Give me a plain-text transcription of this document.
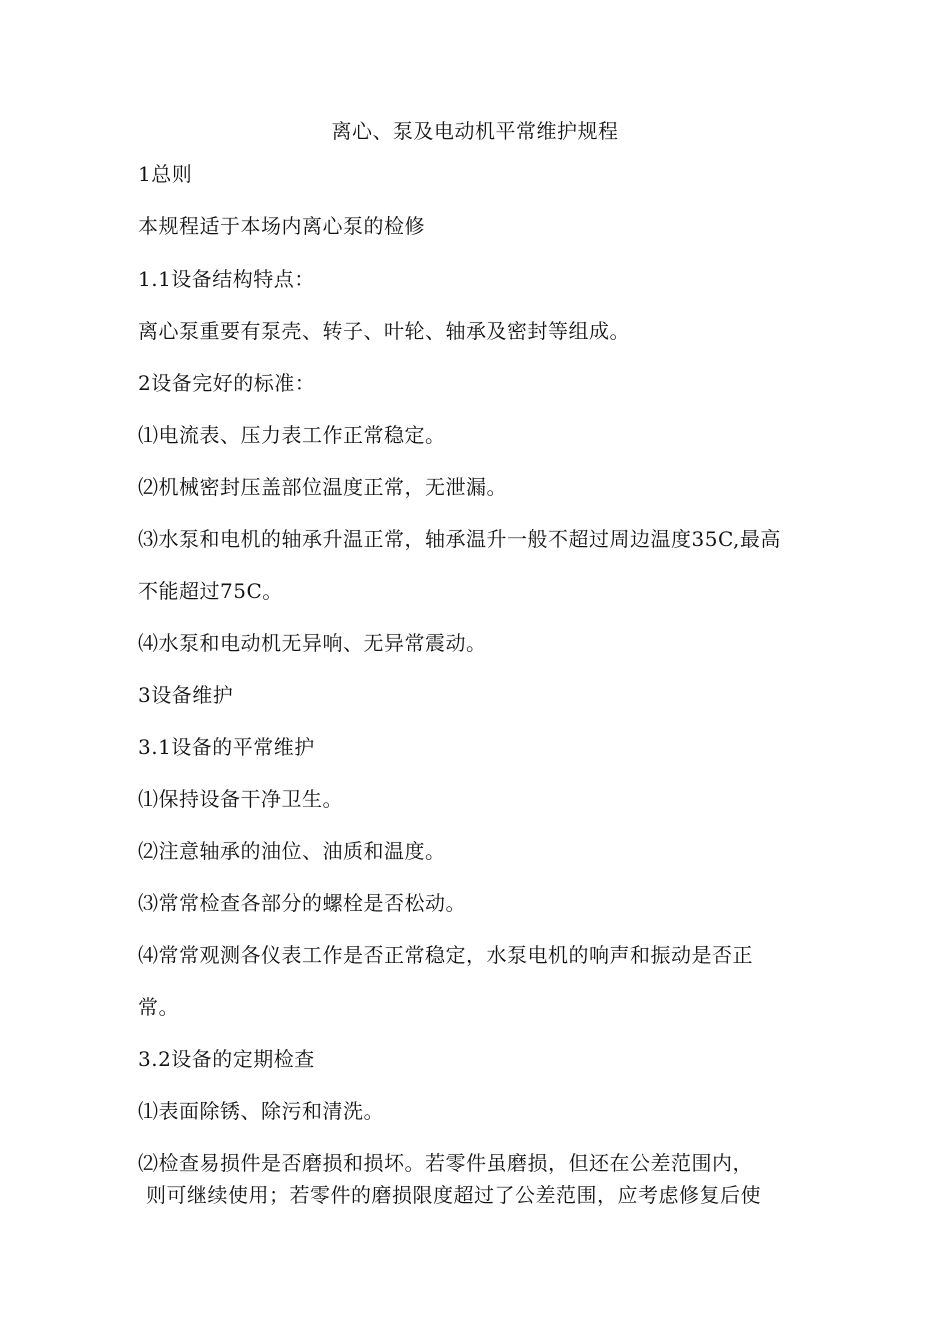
离心、泵及电动机平常维护规程
1总则
本规程适于本场内离心泵的检修
1.1设备结构特点：
离心泵重要有泵壳、转子、叶轮、轴承及密封等组成。
2设备完好的标准：
⑴电流表、压力表工作正常稳定。
⑵机械密封压盖部位温度正常，无泄漏。
⑶水泵和电机的轴承升温正常，轴承温升一般不超过周边温度35C,最高
不能超过75C。
⑷水泵和电动机无异响、无异常震动。
3设备维护
3.1设备的平常维护
⑴保持设备干净卫生。
⑵注意轴承的油位、油质和温度。
⑶常常检查各部分的螺栓是否松动。
⑷常常观测各仪表工作是否正常稳定，水泵电机的响声和振动是否正
常。
3.2设备的定期检查
⑴表面除锈、除污和清洗。
⑵检查易损件是否磨损和损坏。若零件虽磨损，但还在公差范围内，
则可继续使用；若零件的磨损限度超过了公差范围，应考虑修复后使
